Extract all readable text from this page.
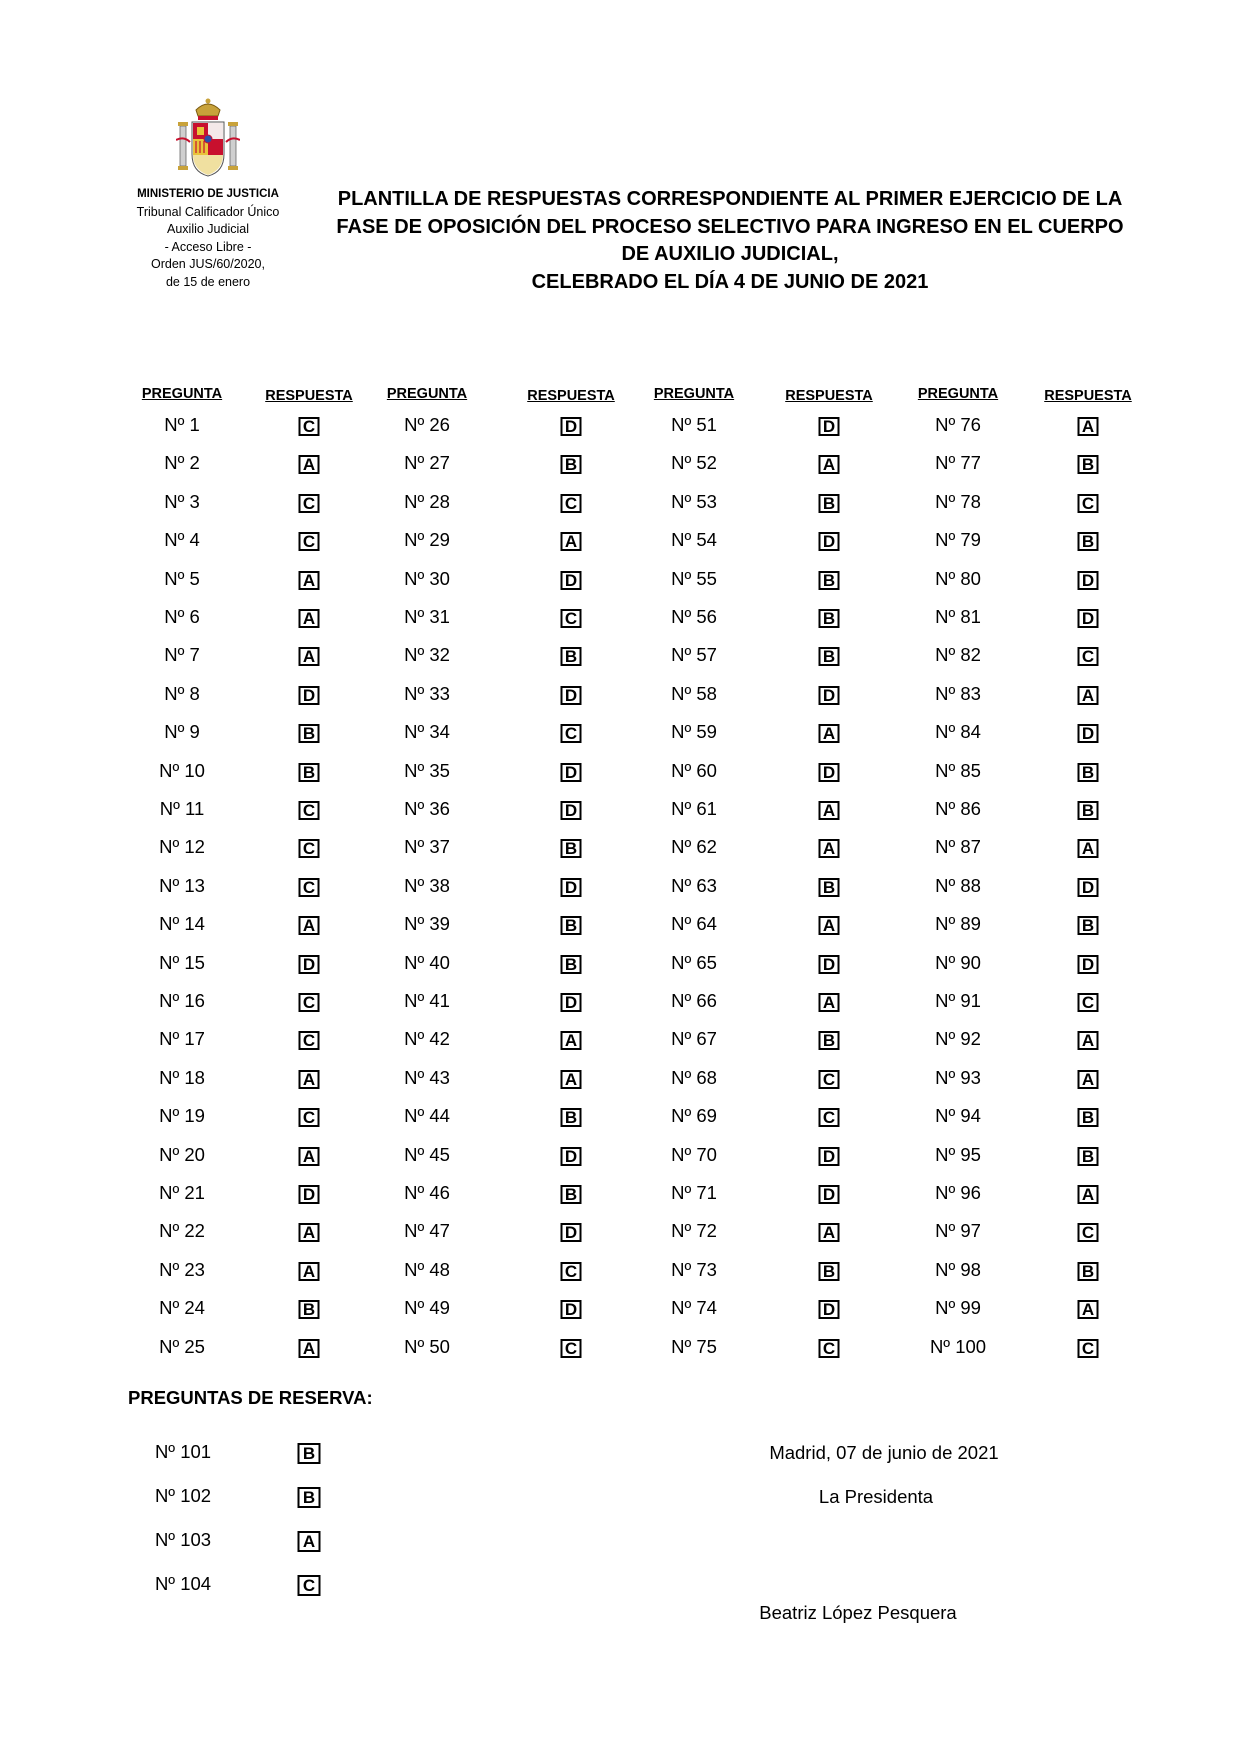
MINISTERIO DE JUSTICIA
Tribunal Calificador Único
Auxilio Judicial
- Acceso Libre -
Orden JUS/60/2020,
de 15 de enero
PLANTILLA DE RESPUESTAS CORRESPONDIENTE AL PRIMER EJERCICIO DE LA
FASE DE OPOSICIÓN DEL PROCESO SELECTIVO PARA INGRESO EN EL CUERPO
DE AUXILIO JUDICIAL,
CELEBRADO EL DÍA 4 DE JUNIO DE 2021
PREGUNTA	RESPUESTA
Nº 1	C
Nº 2	A
Nº 3	C
Nº 4	C
Nº 5	A
Nº 6	A
Nº 7	A
Nº 8	D
Nº 9	B
Nº 10	B
Nº 11	C
Nº 12	C
Nº 13	C
Nº 14	A
Nº 15	D
Nº 16	C
Nº 17	C
Nº 18	A
Nº 19	C
Nº 20	A
Nº 21	D
Nº 22	A
Nº 23	A
Nº 24	B
Nº 25	A
PREGUNTA	RESPUESTA
Nº 26	D
Nº 27	B
Nº 28	C
Nº 29	A
Nº 30	D
Nº 31	C
Nº 32	B
Nº 33	D
Nº 34	C
Nº 35	D
Nº 36	D
Nº 37	B
Nº 38	D
Nº 39	B
Nº 40	B
Nº 41	D
Nº 42	A
Nº 43	A
Nº 44	B
Nº 45	D
Nº 46	B
Nº 47	D
Nº 48	C
Nº 49	D
Nº 50	C
PREGUNTA	RESPUESTA
Nº 51	D
Nº 52	A
Nº 53	B
Nº 54	D
Nº 55	B
Nº 56	B
Nº 57	B
Nº 58	D
Nº 59	A
Nº 60	D
Nº 61	A
Nº 62	A
Nº 63	B
Nº 64	A
Nº 65	D
Nº 66	A
Nº 67	B
Nº 68	C
Nº 69	C
Nº 70	D
Nº 71	D
Nº 72	A
Nº 73	B
Nº 74	D
Nº 75	C
PREGUNTA	RESPUESTA
Nº 76	A
Nº 77	B
Nº 78	C
Nº 79	B
Nº 80	D
Nº 81	D
Nº 82	C
Nº 83	A
Nº 84	D
Nº 85	B
Nº 86	B
Nº 87	A
Nº 88	D
Nº 89	B
Nº 90	D
Nº 91	C
Nº 92	A
Nº 93	A
Nº 94	B
Nº 95	B
Nº 96	A
Nº 97	C
Nº 98	B
Nº 99	A
Nº 100	C
PREGUNTAS DE RESERVA:
Nº 101	B
Nº 102	B
Nº 103	A
Nº 104	C
Madrid, 07 de junio de 2021
La Presidenta
Beatriz López Pesquera
